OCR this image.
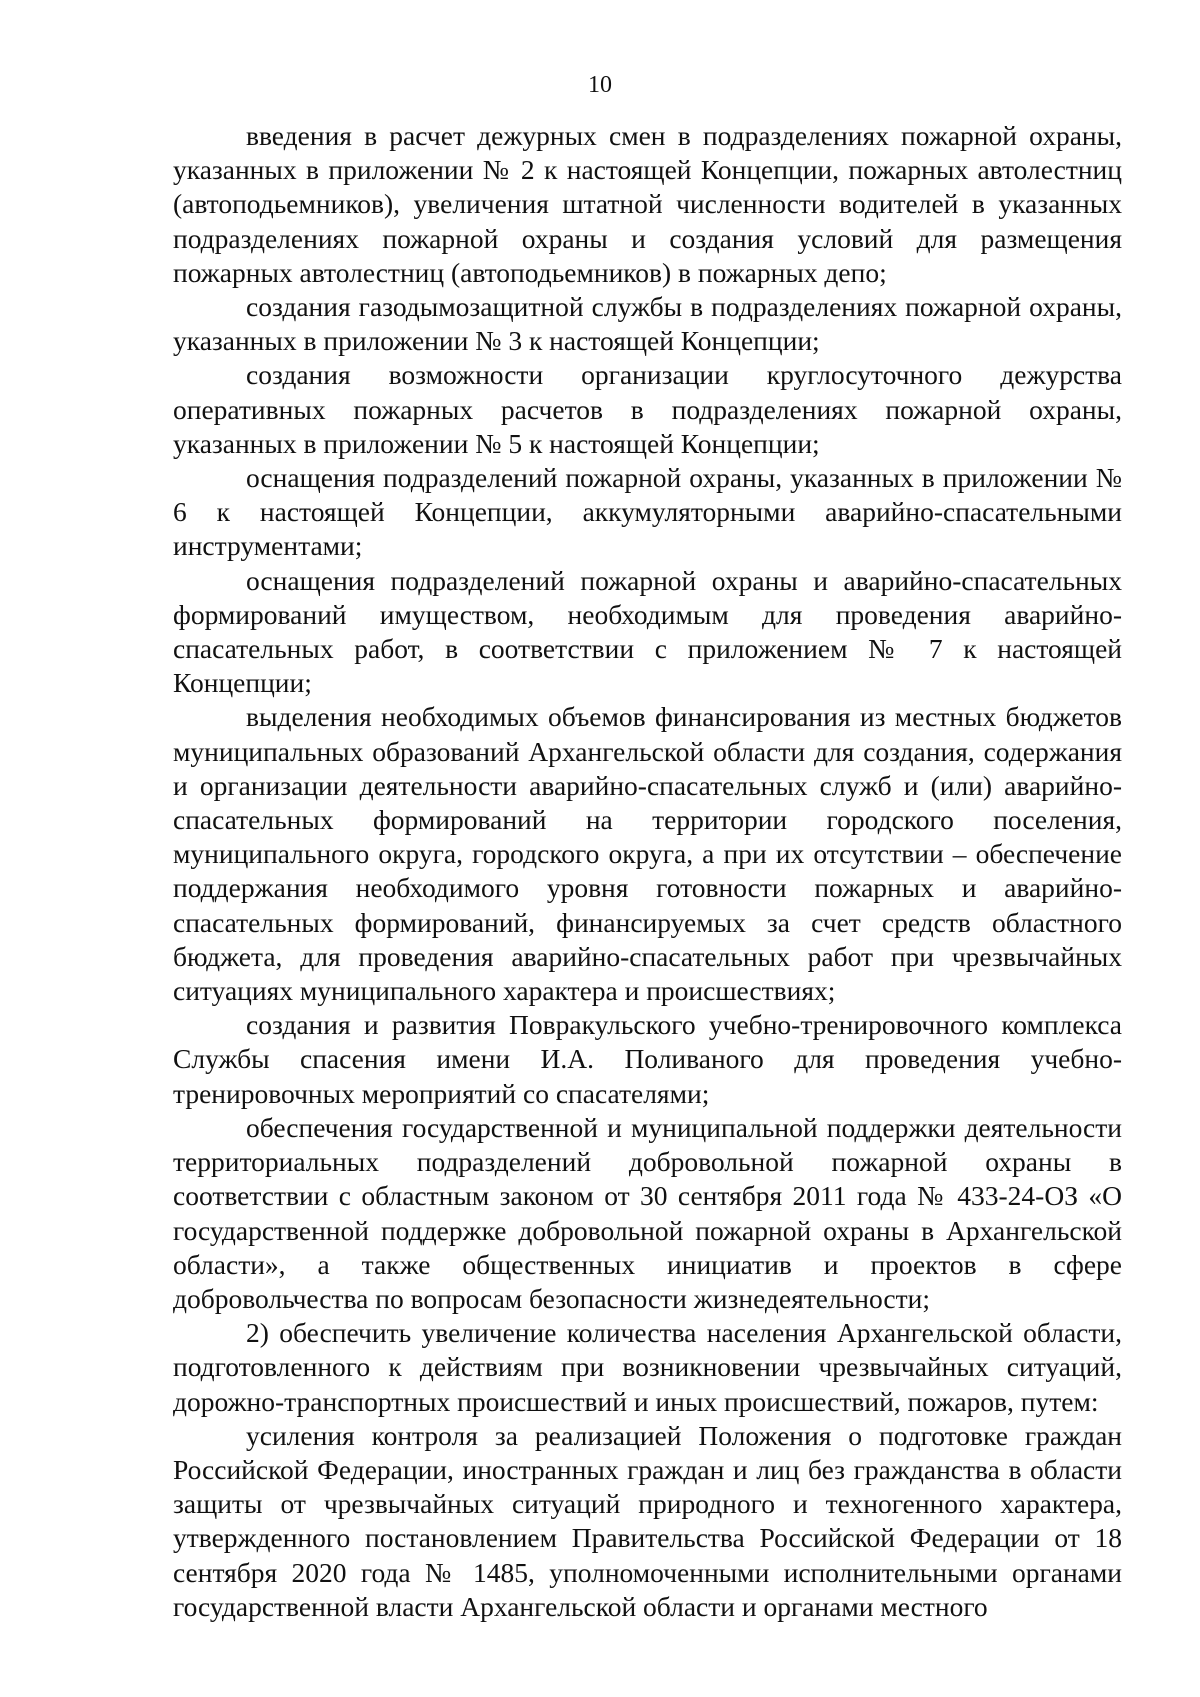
10

введения в расчет дежурных смен в подразделениях пожарной охраны, указанных в приложении № 2 к настоящей Концепции, пожарных автолестниц (автоподьемников), увеличения штатной численности водителей в указанных подразделениях пожарной охраны и создания условий для размещения пожарных автолестниц (автоподьемников) в пожарных депо;

создания газодымозащитной службы в подразделениях пожарной охраны, указанных в приложении № 3 к настоящей Концепции;

создания возможности организации круглосуточного дежурства оперативных пожарных расчетов в подразделениях пожарной охраны, указанных в приложении № 5 к настоящей Концепции;

оснащения подразделений пожарной охраны, указанных в приложении № 6 к настоящей Концепции, аккумуляторными аварийно-спасательными инструментами;

оснащения подразделений пожарной охраны и аварийно-спасательных формирований имуществом, необходимым для проведения аварийно-спасательных работ, в соответствии с приложением № 7 к настоящей Концепции;

выделения необходимых объемов финансирования из местных бюджетов муниципальных образований Архангельской области для создания, содержания и организации деятельности аварийно-спасательных служб и (или) аварийно-спасательных формирований на территории городского поселения, муниципального округа, городского округа, а при их отсутствии – обеспечение поддержания необходимого уровня готовности пожарных и аварийно-спасательных формирований, финансируемых за счет средств областного бюджета, для проведения аварийно-спасательных работ при чрезвычайных ситуациях муниципального характера и происшествиях;

создания и развития Повракульского учебно-тренировочного комплекса Службы спасения имени И.А. Поливаного для проведения учебно-тренировочных мероприятий со спасателями;

обеспечения государственной и муниципальной поддержки деятельности территориальных подразделений добровольной пожарной охраны в соответствии с областным законом от 30 сентября 2011 года № 433-24-ОЗ «О государственной поддержке добровольной пожарной охраны в Архангельской области», а также общественных инициатив и проектов в сфере добровольчества по вопросам безопасности жизнедеятельности;

2) обеспечить увеличение количества населения Архангельской области, подготовленного к действиям при возникновении чрезвычайных ситуаций, дорожно-транспортных происшествий и иных происшествий, пожаров, путем:

усиления контроля за реализацией Положения о подготовке граждан Российской Федерации, иностранных граждан и лиц без гражданства в области защиты от чрезвычайных ситуаций природного и техногенного характера, утвержденного постановлением Правительства Российской Федерации от 18 сентября 2020 года № 1485, уполномоченными исполнительными органами государственной власти Архангельской области и органами местного
